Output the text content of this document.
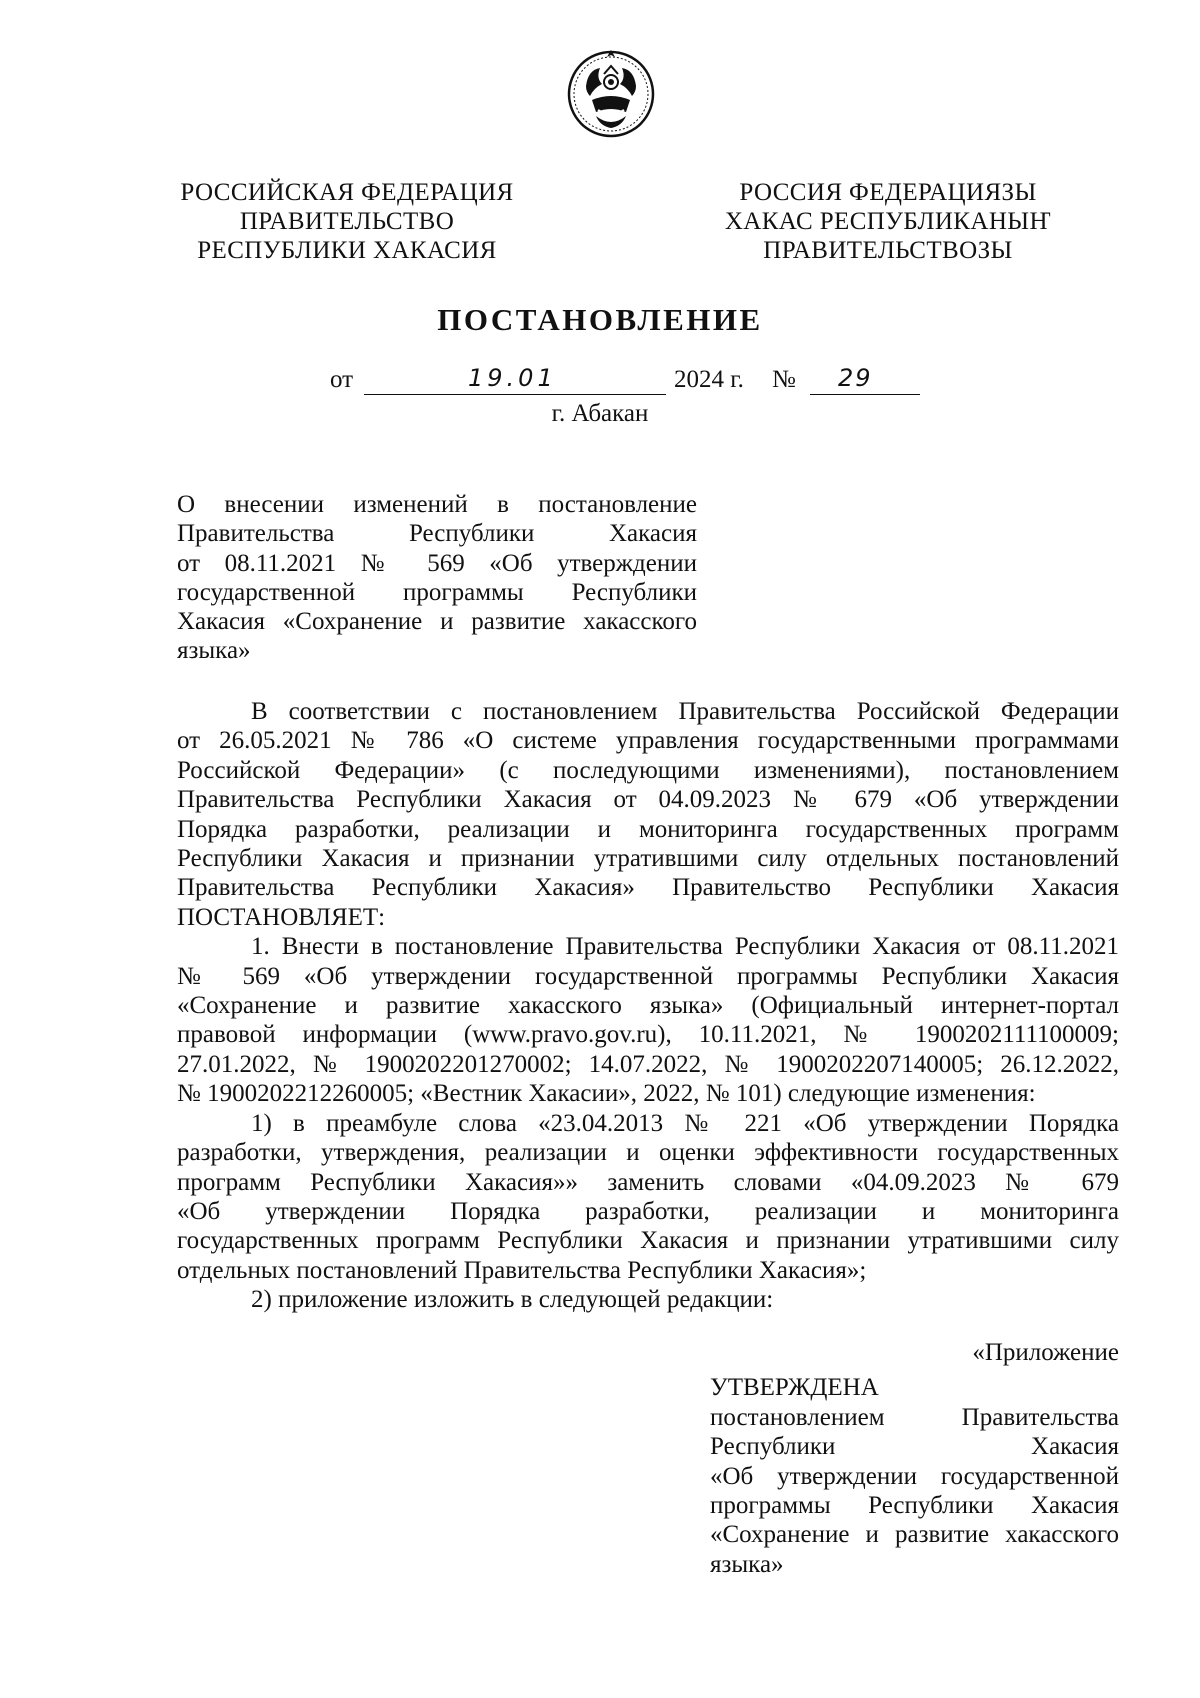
РОССИЙСКАЯ ФЕДЕРАЦИЯ
ПРАВИТЕЛЬСТВО
РЕСПУБЛИКИ ХАКАСИЯ
РОССИЯ ФЕДЕРАЦИЯЗЫ
ХАКАС РЕСПУБЛИКАНЫҤ
ПРАВИТЕЛЬСТВОЗЫ
ПОСТАНОВЛЕНИЕ
от	19.01	2024 г. № 29
г. Абакан
О внесении изменений в постановление
Правительства Республики Хакасия
от 08.11.2021 № 569 «Об утверждении
государственной программы Республики
Хакасия «Сохранение и развитие хакасского
языка»
В соответствии с постановлением Правительства Российской Федерации
от 26.05.2021 № 786 «О системе управления государственными программами
Российской Федерации» (с последующими изменениями), постановлением
Правительства Республики Хакасия от 04.09.2023 № 679 «Об утверждении
Порядка разработки, реализации и мониторинга государственных программ
Республики Хакасия и признании утратившими силу отдельных постановлений
Правительства Республики Хакасия» Правительство Республики Хакасия
ПОСТАНОВЛЯЕТ:
1. Внести в постановление Правительства Республики Хакасия от 08.11.2021
№ 569 «Об утверждении государственной программы Республики Хакасия
«Сохранение и развитие хакасского языка» (Официальный интернет-портал
правовой информации (www.pravo.gov.ru), 10.11.2021, № 1900202111100009;
27.01.2022, № 1900202201270002; 14.07.2022, № 1900202207140005; 26.12.2022,
№ 1900202212260005; «Вестник Хакасии», 2022, № 101) следующие изменения:
1) в преамбуле слова «23.04.2013 № 221 «Об утверждении Порядка
разработки, утверждения, реализации и оценки эффективности государственных
программ Республики Хакасия»» заменить словами «04.09.2023 № 679
«Об утверждении Порядка разработки, реализации и мониторинга
государственных программ Республики Хакасия и признании утратившими силу
отдельных постановлений Правительства Республики Хакасия»;
2) приложение изложить в следующей редакции:
«Приложение
УТВЕРЖДЕНА
постановлением Правительства
Республики Хакасия
«Об утверждении государственной
программы Республики Хакасия
«Сохранение и развитие хакасского
языка»
